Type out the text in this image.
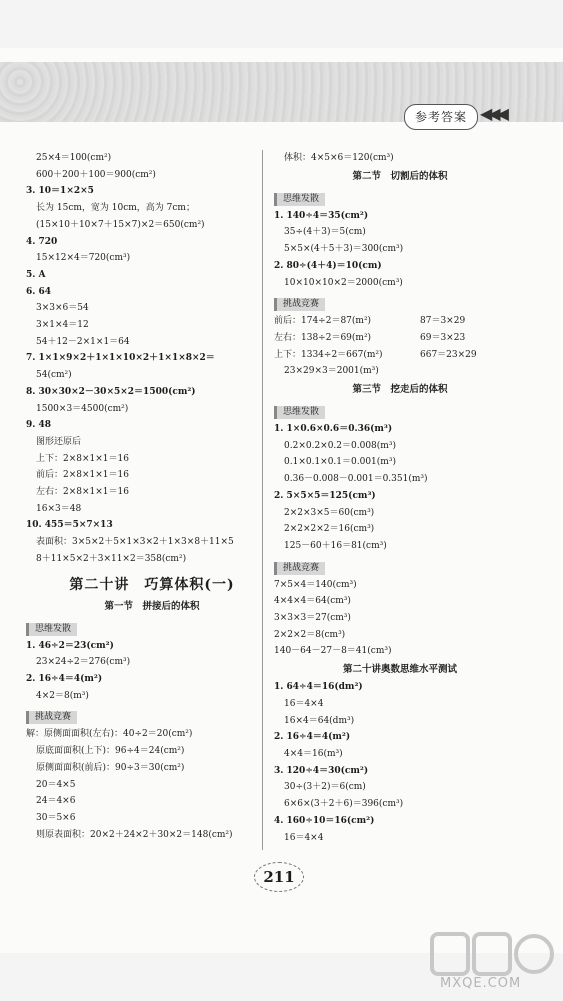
参考答案 ◀◀◀

25×4＝100(cm²)

600＋200＋100＝900(cm²)

3. 10＝1×2×5

长为 15cm，宽为 10cm，高为 7cm；

(15×10＋10×7＋15×7)×2＝650(cm²)

4. 720

15×12×4＝720(cm³)

5. A

6. 64

3×3×6＝54

3×1×4＝12

54＋12－2×1×1＝64

7. 1×1×9×2＋1×1×10×2＋1×1×8×2＝

54(cm²)

8. 30×30×2－30×5×2＝1500(cm²)

1500×3＝4500(cm²)

9. 48

图形还原后

上下：2×8×1×1＝16

前后：2×8×1×1＝16

左右：2×8×1×1＝16

16×3＝48

10. 455＝5×7×13

表面积：3×5×2＋5×1×3×2＋1×3×8＋11×5

8＋11×5×2＋3×11×2＝358(cm²)

第二十讲　巧算体积(一)
第一节　拼接后的体积
思维发散

1. 46÷2＝23(cm²)

23×24÷2＝276(cm³)

2. 16÷4＝4(m²)

4×2＝8(m³)

挑战竞赛

解：原侧面面积(左右)：40÷2＝20(cm²)

原底面面积(上下)：96÷4＝24(cm²)

原侧面面积(前后)：90÷3＝30(cm²)

20＝4×5

24＝4×6

30＝5×6

则原表面积：20×2＋24×2＋30×2＝148(cm²)

体积：4×5×6＝120(cm³)

第二节　切割后的体积
思维发散

1. 140÷4＝35(cm²)

35÷(4＋3)＝5(cm)

5×5×(4＋5＋3)＝300(cm³)

2. 80÷(4＋4)＝10(cm)

10×10×10×2＝2000(cm³)

挑战竞赛

前后：174÷2＝87(m²)	87＝3×29

左右：138÷2＝69(m²)	69＝3×23

上下：1334÷2＝667(m²)	667＝23×29

23×29×3＝2001(m³)

第三节　挖走后的体积
思维发散

1. 1×0.6×0.6＝0.36(m³)

0.2×0.2×0.2＝0.008(m³)

0.1×0.1×0.1＝0.001(m³)

0.36－0.008－0.001＝0.351(m³)

2. 5×5×5＝125(cm³)

2×2×3×5＝60(cm³)

2×2×2×2＝16(cm³)

125－60＋16＝81(cm³)

挑战竞赛

7×5×4＝140(cm³)

4×4×4＝64(cm³)

3×3×3＝27(cm³)

2×2×2＝8(cm³)

140－64－27－8＝41(cm³)

第二十讲奥数思维水平测试

1. 64÷4＝16(dm²)

16＝4×4

16×4＝64(dm³)

2. 16÷4＝4(m²)

4×4＝16(m³)

3. 120÷4＝30(cm²)

30÷(3＋2)＝6(cm)

6×6×(3＋2＋6)＝396(cm³)

4. 160÷10＝16(cm²)

16＝4×4

211
MXQE.COM
